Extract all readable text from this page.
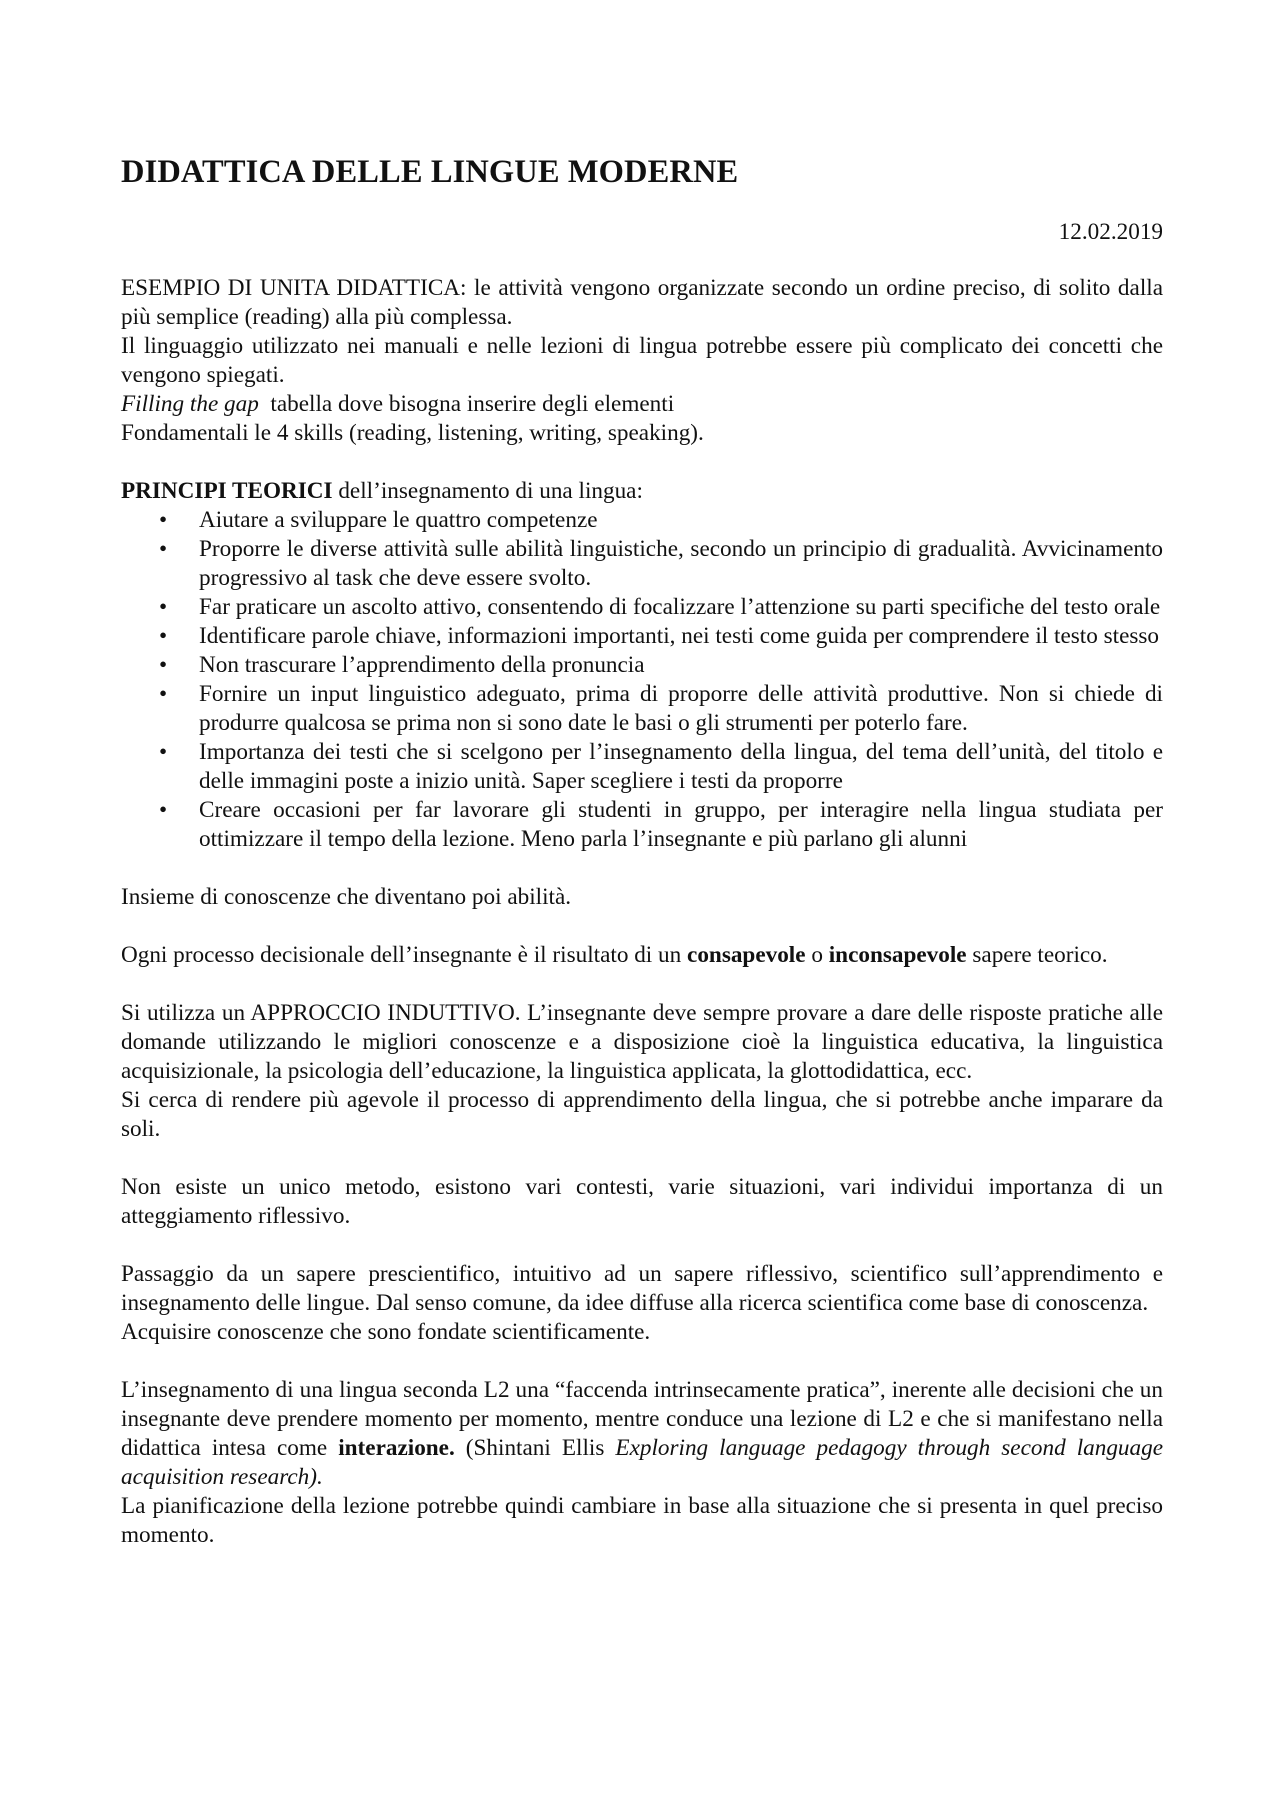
DIDATTICA DELLE LINGUE MODERNE
12.02.2019

ESEMPIO DI UNITA DIDATTICA: le attività vengono organizzate secondo un ordine preciso, di solito dalla più semplice (reading) alla più complessa.

Il linguaggio utilizzato nei manuali e nelle lezioni di lingua potrebbe essere più complicato dei concetti che vengono spiegati.

Filling the gap  tabella dove bisogna inserire degli elementi

Fondamentali le 4 skills (reading, listening, writing, speaking).

PRINCIPI TEORICI dell’insegnamento di una lingua:

• Aiutare a sviluppare le quattro competenze
• Proporre le diverse attività sulle abilità linguistiche, secondo un principio di gradualità. Avvicinamento progressivo al task che deve essere svolto.
• Far praticare un ascolto attivo, consentendo di focalizzare l’attenzione su parti specifiche del testo orale
• Identificare parole chiave, informazioni importanti, nei testi come guida per comprendere il testo stesso
• Non trascurare l’apprendimento della pronuncia
• Fornire un input linguistico adeguato, prima di proporre delle attività produttive. Non si chiede di produrre qualcosa se prima non si sono date le basi o gli strumenti per poterlo fare.
• Importanza dei testi che si scelgono per l’insegnamento della lingua, del tema dell’unità, del titolo e delle immagini poste a inizio unità. Saper scegliere i testi da proporre
• Creare occasioni per far lavorare gli studenti in gruppo, per interagire nella lingua studiata per ottimizzare il tempo della lezione. Meno parla l’insegnante e più parlano gli alunni

Insieme di conoscenze che diventano poi abilità.

Ogni processo decisionale dell’insegnante è il risultato di un consapevole o inconsapevole sapere teorico.

Si utilizza un APPROCCIO INDUTTIVO. L’insegnante deve sempre provare a dare delle risposte pratiche alle domande utilizzando le migliori conoscenze e a disposizione cioè la linguistica educativa, la linguistica acquisizionale, la psicologia dell’educazione, la linguistica applicata, la glottodidattica, ecc.

Si cerca di rendere più agevole il processo di apprendimento della lingua, che si potrebbe anche imparare da soli.

Non esiste un unico metodo, esistono vari contesti, varie situazioni, vari individui importanza di un atteggiamento riflessivo.

Passaggio da un sapere prescientifico, intuitivo ad un sapere riflessivo, scientifico sull’apprendimento e insegnamento delle lingue. Dal senso comune, da idee diffuse alla ricerca scientifica come base di conoscenza.

Acquisire conoscenze che sono fondate scientificamente.

L’insegnamento di una lingua seconda L2 una “faccenda intrinsecamente pratica”, inerente alle decisioni che un insegnante deve prendere momento per momento, mentre conduce una lezione di L2 e che si manifestano nella didattica intesa come interazione. (Shintani Ellis Exploring language pedagogy through second language acquisition research).

La pianificazione della lezione potrebbe quindi cambiare in base alla situazione che si presenta in quel preciso momento.
